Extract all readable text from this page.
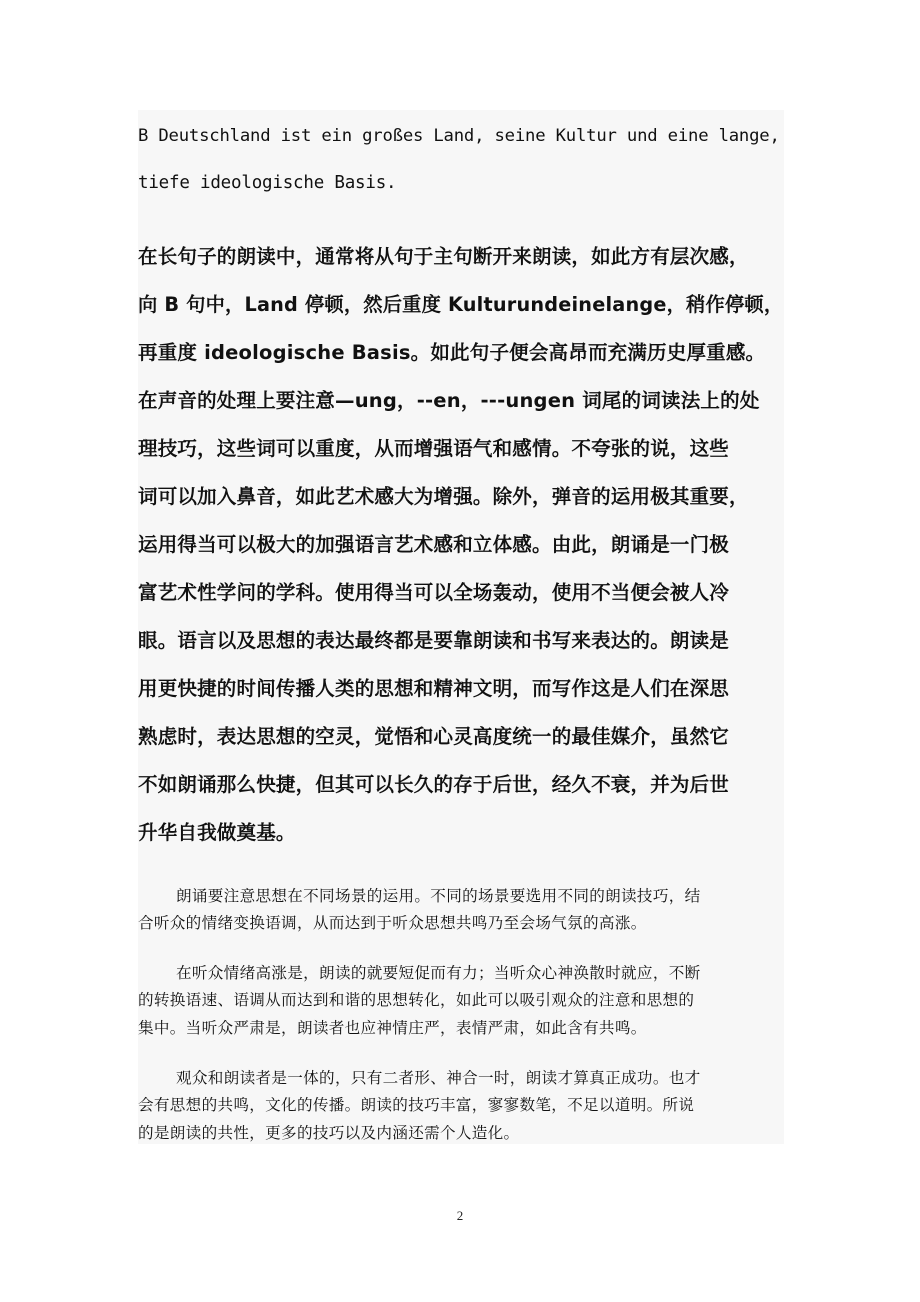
B Deutschland ist ein großes Land, seine Kultur und eine lange,
tiefe ideologische Basis.
在长句子的朗读中，通常将从句于主句断开来朗读，如此方有层次感，
向 B 句中，Land 停顿，然后重度 Kulturundeinelange，稍作停顿，
再重度 ideologische Basis。如此句子便会高昂而充满历史厚重感。
在声音的处理上要注意—ung，--en，---ungen 词尾的词读法上的处
理技巧，这些词可以重度，从而增强语气和感情。不夸张的说，这些
词可以加入鼻音，如此艺术感大为增强。除外，弹音的运用极其重要，
运用得当可以极大的加强语言艺术感和立体感。由此，朗诵是一门极
富艺术性学问的学科。使用得当可以全场轰动，使用不当便会被人冷
眼。语言以及思想的表达最终都是要靠朗读和书写来表达的。朗读是
用更快捷的时间传播人类的思想和精神文明，而写作这是人们在深思
熟虑时，表达思想的空灵，觉悟和心灵高度统一的最佳媒介，虽然它
不如朗诵那么快捷，但其可以长久的存于后世，经久不衰，并为后世
升华自我做奠基。
朗诵要注意思想在不同场景的运用。不同的场景要选用不同的朗读技巧，结
合听众的情绪变换语调，从而达到于听众思想共鸣乃至会场气氛的高涨。
在听众情绪高涨是，朗读的就要短促而有力；当听众心神涣散时就应，不断
的转换语速、语调从而达到和谐的思想转化，如此可以吸引观众的注意和思想的
集中。当听众严肃是，朗读者也应神情庄严，表情严肃，如此含有共鸣。
观众和朗读者是一体的，只有二者形、神合一时，朗读才算真正成功。也才
会有思想的共鸣，文化的传播。朗读的技巧丰富，寥寥数笔，不足以道明。所说
的是朗读的共性，更多的技巧以及内涵还需个人造化。
2
